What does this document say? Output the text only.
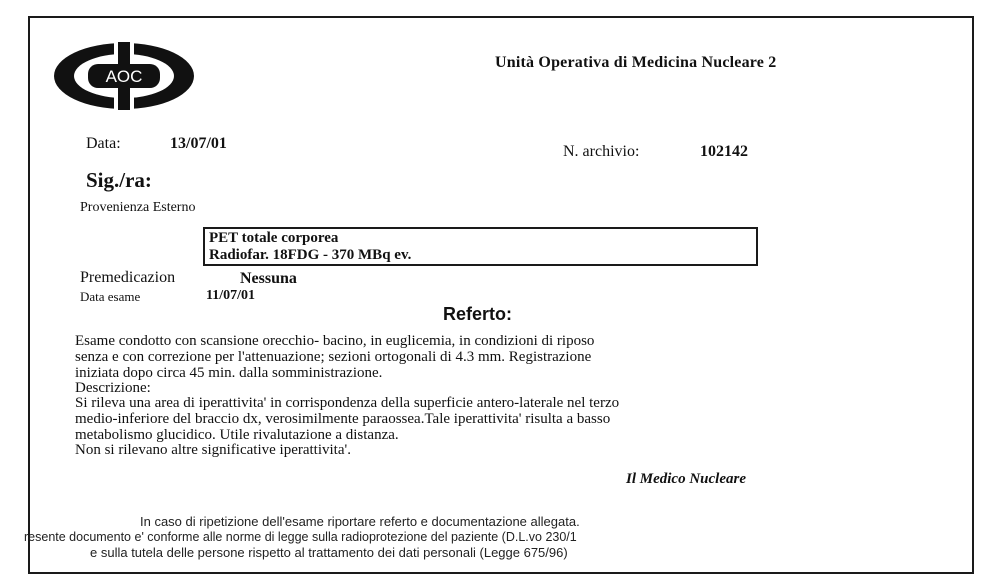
AOC
Unità Operativa di Medicina Nucleare 2
Data:	13/07/01	N. archivio:	102142
Sig./ra:
Provenienza Esterno
PET totale corporea
Radiofar. 18FDG - 370 MBq ev.
Premedicazion	Nessuna
Data esame	11/07/01
Referto:
Esame condotto con scansione orecchio- bacino, in euglicemia, in condizioni di riposo
senza e con correzione per l'attenuazione; sezioni ortogonali di 4.3 mm. Registrazione
iniziata dopo circa 45 min. dalla somministrazione.
Descrizione:
Si rileva una area di iperattivita' in corrispondenza della superficie antero-laterale nel terzo
medio-inferiore del braccio dx, verosimilmente paraossea.Tale iperattivita' risulta a basso
metabolismo glucidico. Utile rivalutazione a distanza.
Non si rilevano altre significative iperattivita'.
Il Medico Nucleare
In caso di ripetizione dell'esame riportare referto e documentazione allegata.
resente documento e' conforme alle norme di legge sulla radioprotezione del paziente (D.L.vo 230/1
e sulla tutela delle persone rispetto al trattamento dei dati personali (Legge 675/96)
